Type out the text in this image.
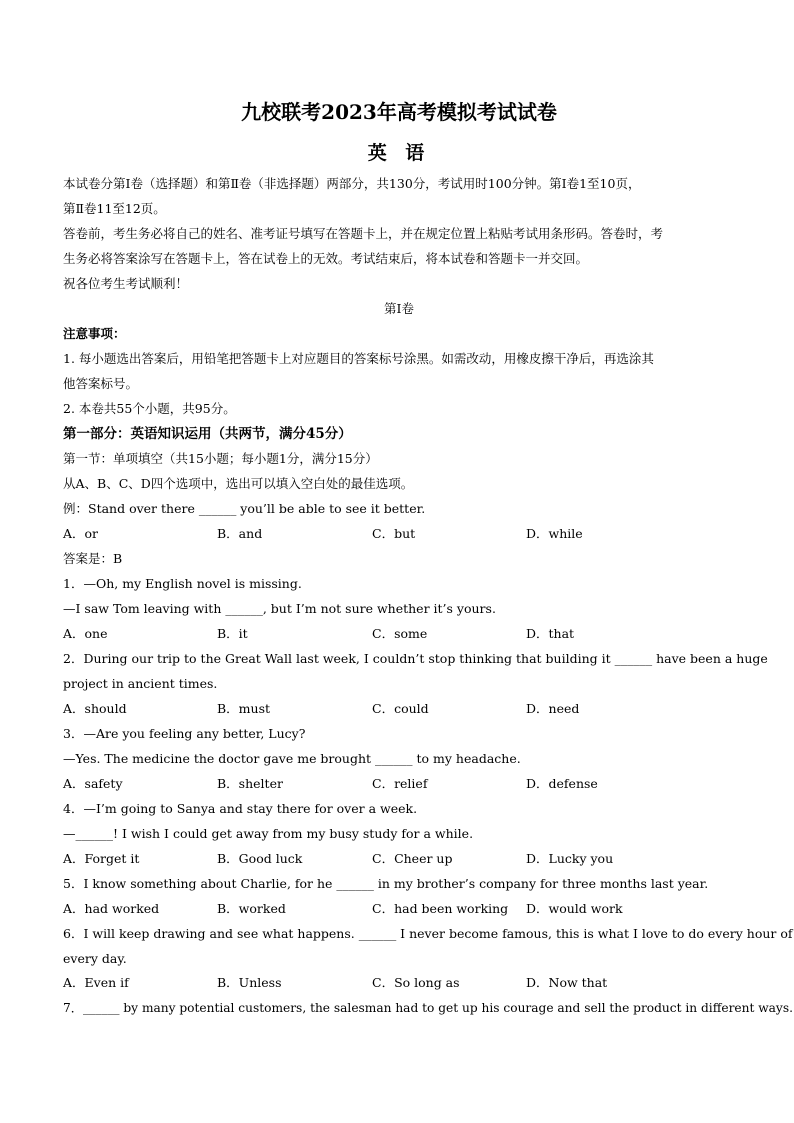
九校联考2023年高考模拟考试试卷
英 语
本试卷分第Ⅰ卷（选择题）和第Ⅱ卷（非选择题）两部分，共130分，考试用时100分钟。第Ⅰ卷1至10页，
第Ⅱ卷11至12页。
答卷前，考生务必将自己的姓名、准考证号填写在答题卡上，并在规定位置上粘贴考试用条形码。答卷时，考
生务必将答案涂写在答题卡上，答在试卷上的无效。考试结束后，将本试卷和答题卡一并交回。
祝各位考生考试顺利！
第Ⅰ卷
注意事项：
1. 每小题选出答案后，用铅笔把答题卡上对应题目的答案标号涂黑。如需改动，用橡皮擦干净后，再选涂其
他答案标号。
2. 本卷共55个小题，共95分。
第一部分：英语知识运用（共两节，满分45分）
第一节：单项填空（共15小题；每小题1分，满分15分）
从A、B、C、D四个选项中，选出可以填入空白处的最佳选项。
例：Stand over there ______ you’ll be able to see it better.
A．or	B．and	C．but	D．while
答案是：B
1．—Oh, my English novel is missing.
—I saw Tom leaving with ______, but I’m not sure whether it’s yours.
A．one	B．it	C．some	D．that
2．During our trip to the Great Wall last week, I couldn’t stop thinking that building it ______ have been a huge
project in ancient times.
A．should	B．must	C．could	D．need
3．—Are you feeling any better, Lucy?
—Yes. The medicine the doctor gave me brought ______ to my headache.
A．safety	B．shelter	C．relief	D．defense
4．—I’m going to Sanya and stay there for over a week.
—______! I wish I could get away from my busy study for a while.
A．Forget it	B．Good luck	C．Cheer up	D．Lucky you
5．I know something about Charlie, for he ______ in my brother’s company for three months last year.
A．had worked	B．worked	C．had been working D．would work
6．I will keep drawing and see what happens. ______ I never become famous, this is what I love to do every hour of
every day.
A．Even if	B．Unless	C．So long as	D．Now that
7．______ by many potential customers, the salesman had to get up his courage and sell the product in different ways.
